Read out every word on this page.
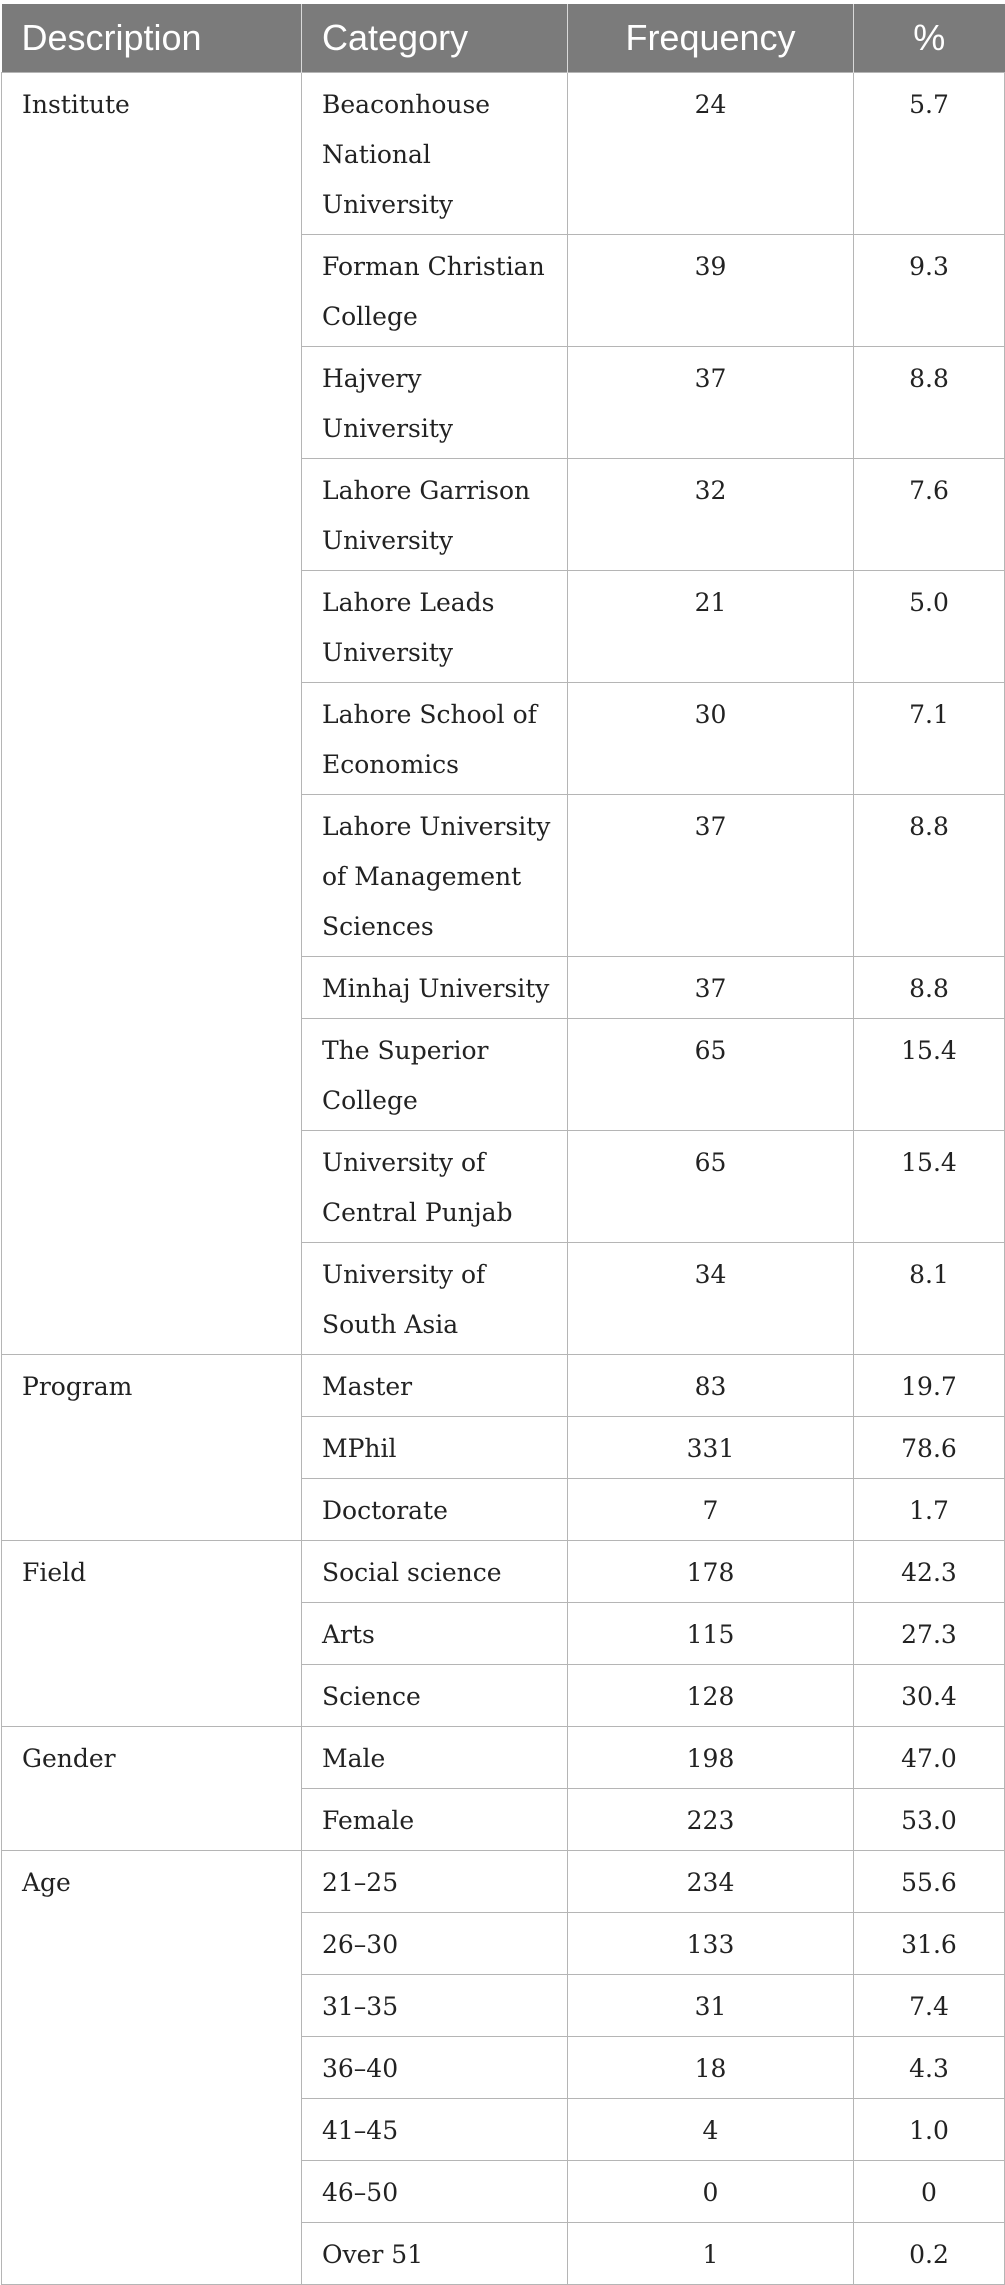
Description	Category	Frequency	%
Institute	Beaconhouse National University	24	5.7
	Forman Christian College	39	9.3
	Hajvery University	37	8.8
	Lahore Garrison University	32	7.6
	Lahore Leads University	21	5.0
	Lahore School of Economics	30	7.1
	Lahore University of Management Sciences	37	8.8
	Minhaj University	37	8.8
	The Superior College	65	15.4
	University of Central Punjab	65	15.4
	University of South Asia	34	8.1
Program	Master	83	19.7
	MPhil	331	78.6
	Doctorate	7	1.7
Field	Social science	178	42.3
	Arts	115	27.3
	Science	128	30.4
Gender	Male	198	47.0
	Female	223	53.0
Age	21–25	234	55.6
	26–30	133	31.6
	31–35	31	7.4
	36–40	18	4.3
	41–45	4	1.0
	46–50	0	0
	Over 51	1	0.2
